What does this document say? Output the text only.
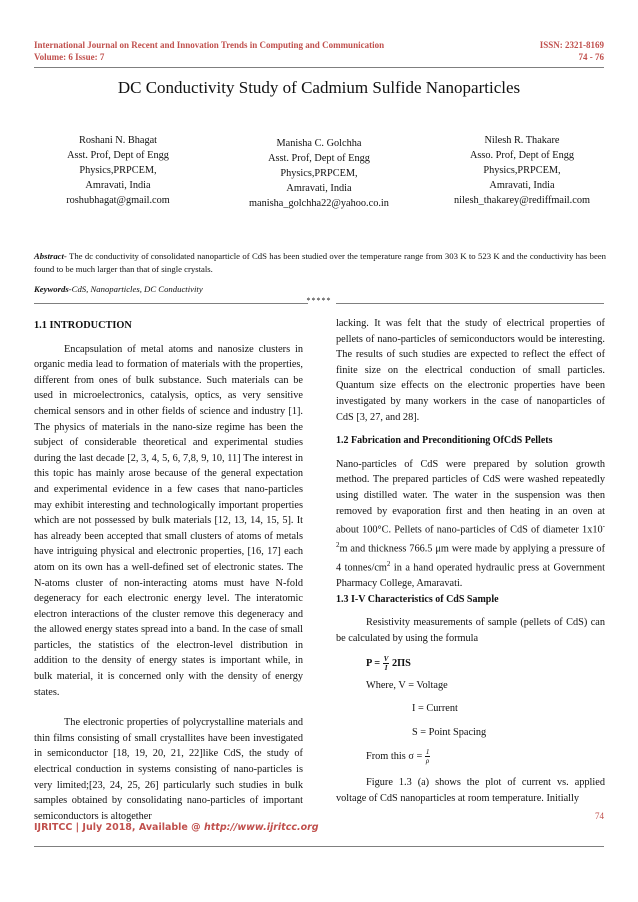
International Journal on Recent and Innovation Trends in Computing and Communication
Volume: 6 Issue: 7
ISSN: 2321-8169
74 - 76
DC Conductivity Study of Cadmium Sulfide Nanoparticles
Roshani N. Bhagat
Asst. Prof, Dept of Engg
Physics,PRPCEM,
Amravati, India
roshubhagat@gmail.com
Manisha C. Golchha
Asst. Prof, Dept of Engg
Physics,PRPCEM,
Amravati, India
manisha_golchha22@yahoo.co.in
Nilesh R. Thakare
Asso. Prof, Dept of Engg
Physics,PRPCEM,
Amravati, India
nilesh_thakarey@rediffmail.com
Abstract- The dc conductivity of consolidated nanoparticle of CdS has been studied over the temperature range from 303 K to 523 K and the conductivity has been found to be much larger than that of single crystals.
Keywords-CdS, Nanoparticles, DC Conductivity
*****

1.1 INTRODUCTION

Encapsulation of metal atoms and nanosize clusters in organic media lead to formation of materials with the properties, different from ones of bulk substance. Such materials can be used in microelectronics, catalysis, optics, as very sensitive chemical sensors and in other fields of science and industry [1]. The physics of materials in the nano-size regime has been the subject of considerable theoretical and experimental studies during the last decade [2, 3, 4, 5, 6, 7,8, 9, 10, 11] The interest in this topic has mainly arose because of the general expectation and experimental evidence in a few cases that nano-particles may exhibit interesting and technologically important properties which are not possessed by bulk materials [12, 13, 14, 15, 5]. It has already been accepted that small clusters of atoms of metals have intriguing physical and electronic properties, [16, 17] each atom on its own has a well-defined set of electronic states. The N-atoms cluster of non-interacting atoms must have N-fold degeneracy for each electronic energy level. The interatomic electron interactions of the cluster remove this degeneracy and the allowed energy states spread into a band. In the case of small particles, the statistics of the electron-level distribution in addition to the density of energy states is important while, in bulk material, it is concerned only with the density of energy states.

The electronic properties of polycrystalline materials and thin films consisting of small crystallites have been investigated in semiconductor [18, 19, 20, 21, 22]like CdS, the study of electrical conduction in systems consisting of nano-particles is very limited;[23, 24, 25, 26] particularly such studies in bulk samples obtained by consolidating nano-particles of important semiconductors is altogether

lacking. It was felt that the study of electrical properties of pellets of nano-particles of semiconductors would be interesting. The results of such studies are expected to reflect the effect of finite size on the electrical conduction of small particles. Quantum size effects on the electronic properties have been investigated by many workers in the case of nanoparticles of CdS [3, 27, and 28].

1.2 Fabrication and Preconditioning OfCdS Pellets

Nano-particles of CdS were prepared by solution growth method. The prepared particles of CdS were washed repeatedly using distilled water. The water in the suspension was then removed by evaporation first and then heating in an oven at about 100°C. Pellets of nano-particles of CdS of diameter $1x10^{-2}m$ and thickness 766.5 μm were made by applying a pressure of 4 tonnes/$cm^2$ in a hand operated hydraulic press at Government Pharmacy College, Amaravati.

1.3 I-V Characteristics of CdS Sample

Resistivity measurements of sample (pellets of CdS) can be calculated by using the formula

$P = \frac{V}{I} 2\Pi S$

Where, V = Voltage

I = Current

S = Point Spacing

From this $\sigma = \frac{1}{\rho}$

Figure 1.3 (a) shows the plot of current vs. applied voltage of CdS nanoparticles at room temperature. Initially

74
IJRITCC | July 2018, Available @ http://www.ijritcc.org
